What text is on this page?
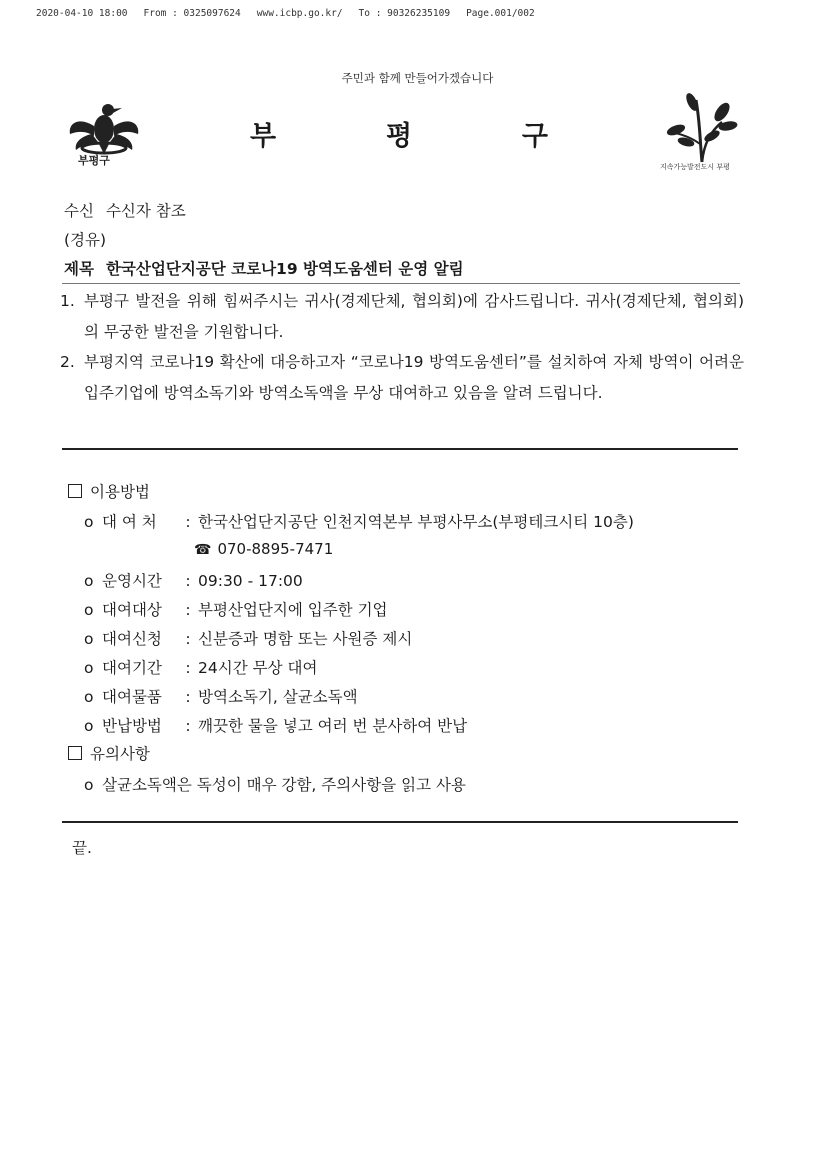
2020-04-10 18:00 From : 0325097624 www.icbp.go.kr/ To : 90326235109 Page.001/002
주민과 함께 만들어가겠습니다
부평구
부	평	구
지속가능발전도시 부평
수신 수신자 참조
(경유)
제목 한국산업단지공단 코로나19 방역도움센터 운영 알림
1. 부평구 발전을 위해 힘써주시는 귀사(경제단체, 협의회)에 감사드립니다. 귀사(경제단체, 협의회)의 무궁한 발전을 기원합니다.
2. 부평지역 코로나19 확산에 대응하고자 “코로나19 방역도움센터”를 설치하여 자체 방역이 어려운 입주기업에 방역소독기와 방역소독액을 무상 대여하고 있음을 알려 드립니다.
이용방법
o 대 여 처 : 한국산업단지공단 인천지역본부 부평사무소(부평테크시티 10층)
☎ 070-8895-7471
o 운영시간 : 09:30 - 17:00
o 대여대상 : 부평산업단지에 입주한 기업
o 대여신청 : 신분증과 명함 또는 사원증 제시
o 대여기간 : 24시간 무상 대여
o 대여물품 : 방역소독기, 살균소독액
o 반납방법 : 깨끗한 물을 넣고 여러 번 분사하여 반납
유의사항
o 살균소독액은 독성이 매우 강함, 주의사항을 읽고 사용
끝.
